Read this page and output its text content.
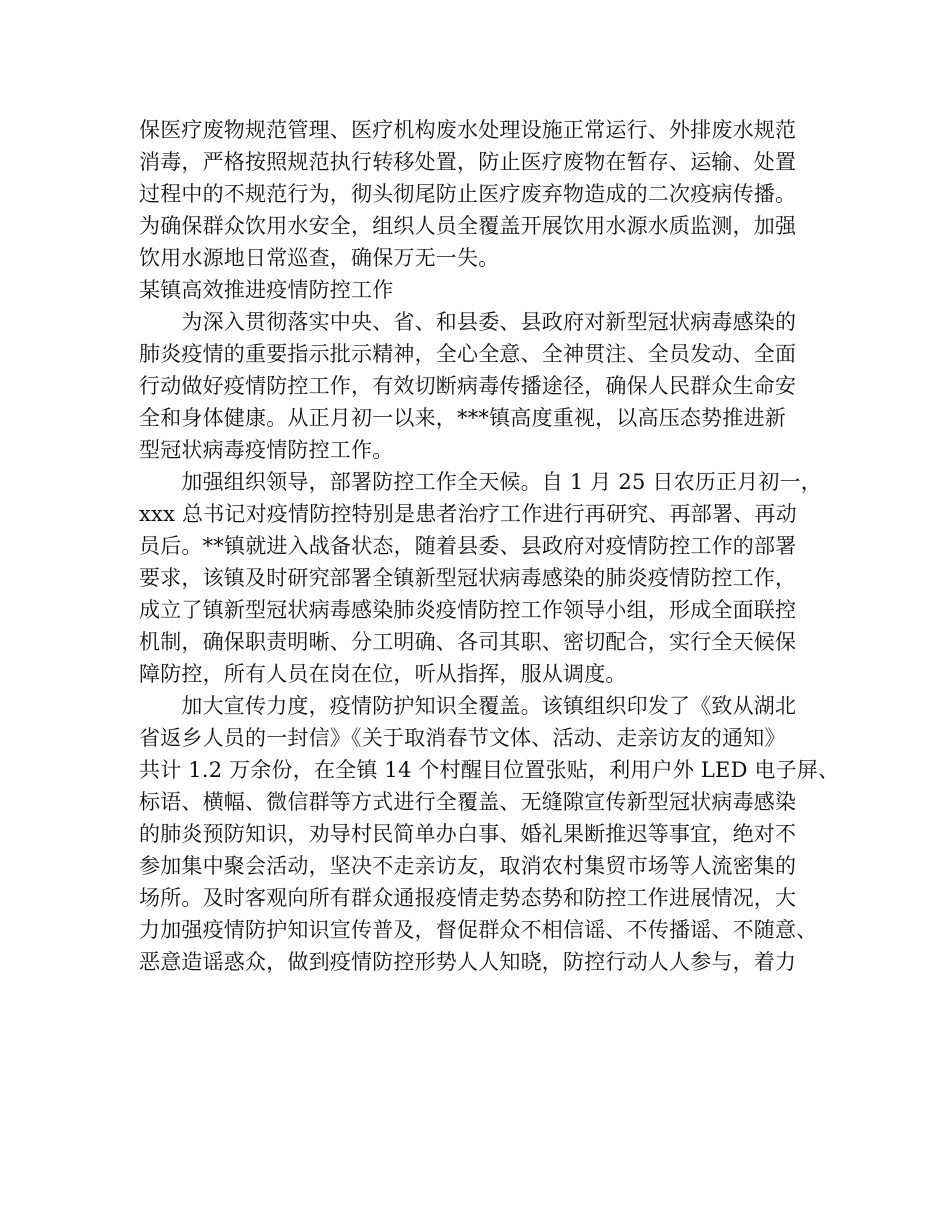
保医疗废物规范管理、医疗机构废水处理设施正常运行、外排废水规范
消毒，严格按照规范执行转移处置，防止医疗废物在暂存、运输、处置
过程中的不规范行为，彻头彻尾防止医疗废弃物造成的二次疫病传播。
为确保群众饮用水安全，组织人员全覆盖开展饮用水源水质监测，加强
饮用水源地日常巡查，确保万无一失。
某镇高效推进疫情防控工作
　　为深入贯彻落实中央、省、和县委、县政府对新型冠状病毒感染的
肺炎疫情的重要指示批示精神，全心全意、全神贯注、全员发动、全面
行动做好疫情防控工作，有效切断病毒传播途径，确保人民群众生命安
全和身体健康。从正月初一以来，***镇高度重视，以高压态势推进新
型冠状病毒疫情防控工作。
　　加强组织领导，部署防控工作全天候。自 1 月 25 日农历正月初一，
xxx 总书记对疫情防控特别是患者治疗工作进行再研究、再部署、再动
员后。**镇就进入战备状态，随着县委、县政府对疫情防控工作的部署
要求，该镇及时研究部署全镇新型冠状病毒感染的肺炎疫情防控工作，
成立了镇新型冠状病毒感染肺炎疫情防控工作领导小组，形成全面联控
机制，确保职责明晰、分工明确、各司其职、密切配合，实行全天候保
障防控，所有人员在岗在位，听从指挥，服从调度。
　　加大宣传力度，疫情防护知识全覆盖。该镇组织印发了《致从湖北
省返乡人员的一封信》《关于取消春节文体、活动、走亲访友的通知》
共计 1.2 万余份，在全镇 14 个村醒目位置张贴，利用户外 LED 电子屏、
标语、横幅、微信群等方式进行全覆盖、无缝隙宣传新型冠状病毒感染
的肺炎预防知识，劝导村民简单办白事、婚礼果断推迟等事宜，绝对不
参加集中聚会活动，坚决不走亲访友，取消农村集贸市场等人流密集的
场所。及时客观向所有群众通报疫情走势态势和防控工作进展情况，大
力加强疫情防护知识宣传普及，督促群众不相信谣、不传播谣、不随意、
恶意造谣惑众，做到疫情防控形势人人知晓，防控行动人人参与，着力
